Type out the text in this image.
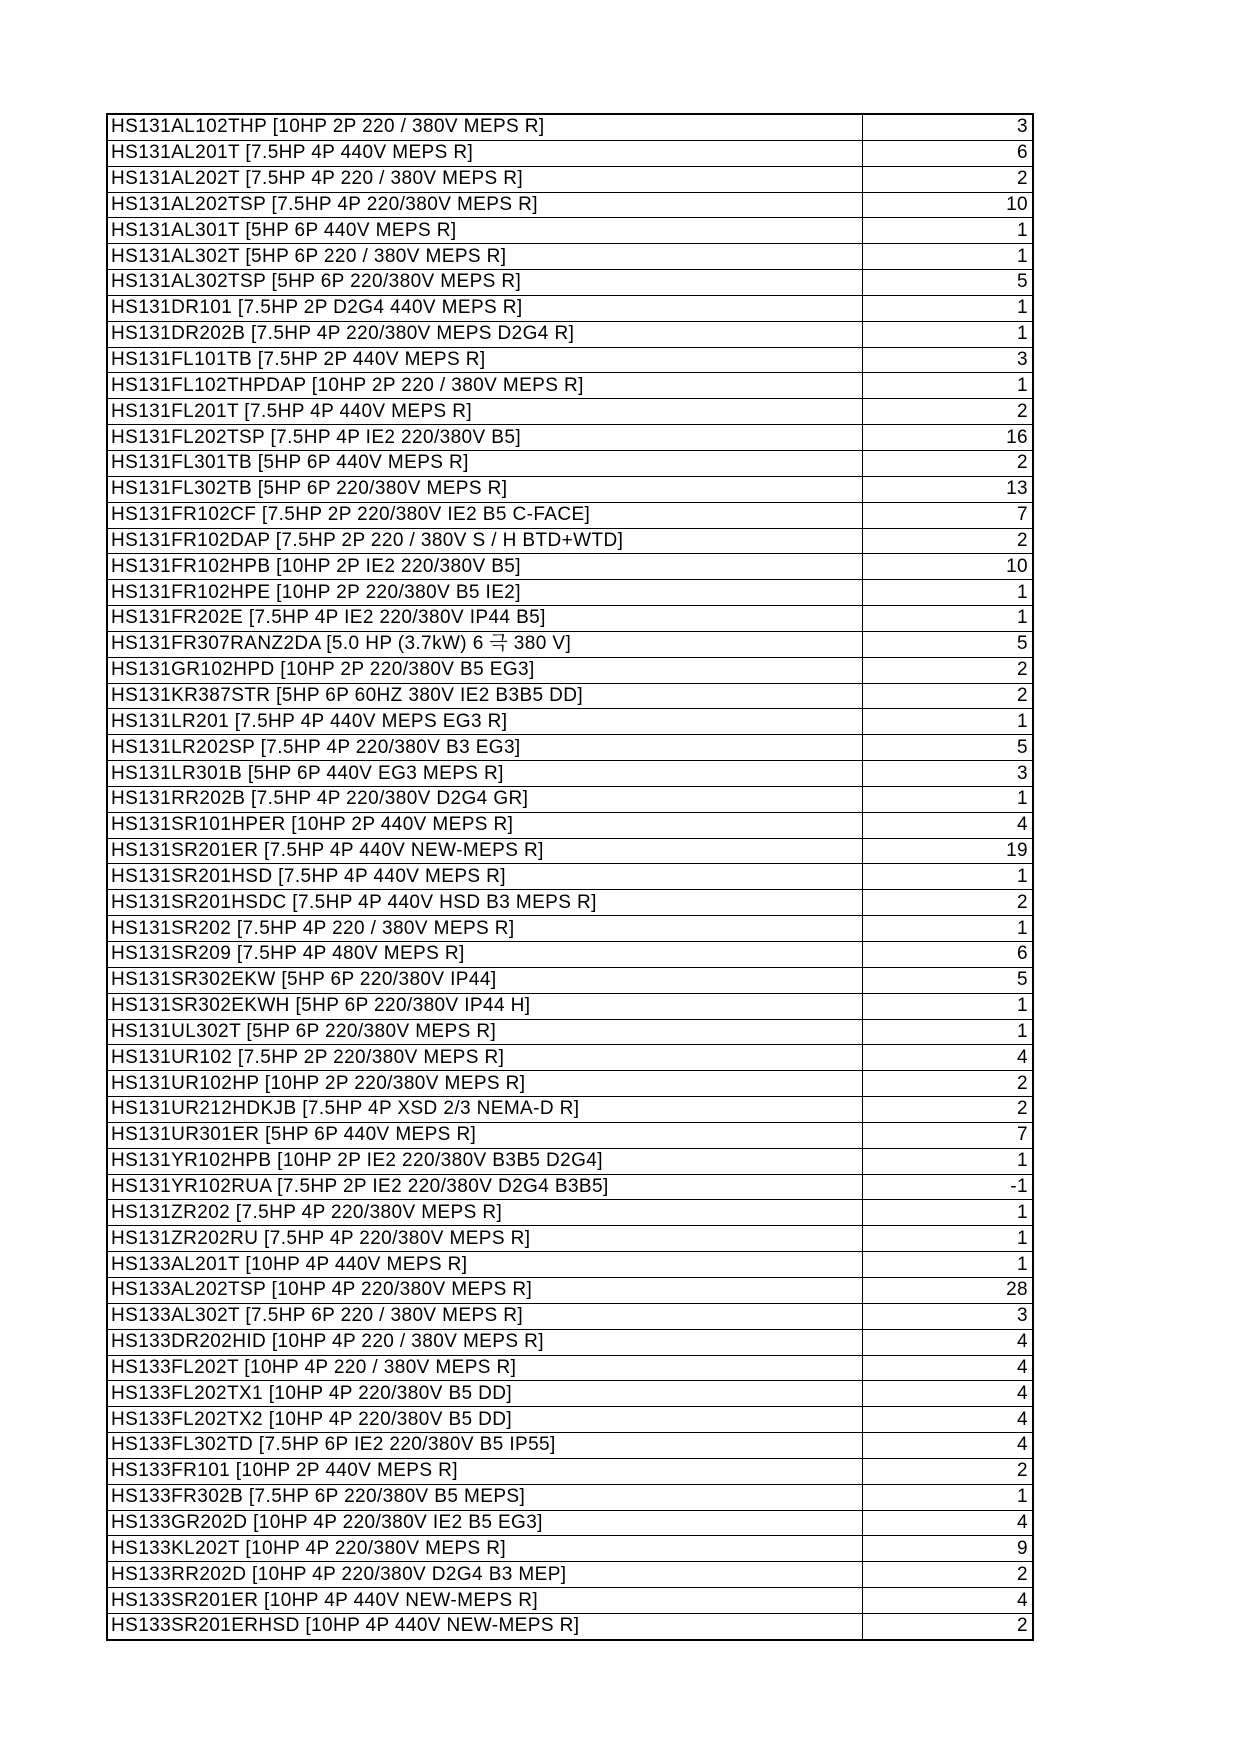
HS131AL102THP [10HP 2P 220 / 380V MEPS R]	3
HS131AL201T [7.5HP 4P 440V MEPS R]	6
HS131AL202T [7.5HP 4P 220 / 380V MEPS R]	2
HS131AL202TSP [7.5HP 4P 220/380V MEPS R]	10
HS131AL301T [5HP 6P 440V MEPS R]	1
HS131AL302T [5HP 6P 220 / 380V MEPS R]	1
HS131AL302TSP [5HP 6P 220/380V MEPS R]	5
HS131DR101 [7.5HP 2P D2G4 440V MEPS R]	1
HS131DR202B [7.5HP 4P 220/380V MEPS D2G4 R]	1
HS131FL101TB [7.5HP 2P 440V MEPS R]	3
HS131FL102THPDAP [10HP 2P 220 / 380V MEPS R]	1
HS131FL201T [7.5HP 4P 440V MEPS R]	2
HS131FL202TSP [7.5HP 4P IE2 220/380V B5]	16
HS131FL301TB [5HP 6P 440V MEPS R]	2
HS131FL302TB [5HP 6P 220/380V MEPS R]	13
HS131FR102CF [7.5HP 2P 220/380V IE2 B5 C-FACE]	7
HS131FR102DAP [7.5HP 2P 220 / 380V S / H BTD+WTD]	2
HS131FR102HPB [10HP 2P IE2 220/380V B5]	10
HS131FR102HPE [10HP 2P 220/380V B5 IE2]	1
HS131FR202E [7.5HP 4P IE2 220/380V IP44 B5]	1
HS131FR307RANZ2DA [5.0 HP (3.7kW) 6 극 380 V]	5
HS131GR102HPD [10HP 2P 220/380V B5 EG3]	2
HS131KR387STR [5HP 6P 60HZ 380V IE2 B3B5 DD]	2
HS131LR201 [7.5HP 4P 440V MEPS EG3 R]	1
HS131LR202SP [7.5HP 4P 220/380V B3 EG3]	5
HS131LR301B [5HP 6P 440V EG3 MEPS R]	3
HS131RR202B [7.5HP 4P 220/380V D2G4 GR]	1
HS131SR101HPER [10HP 2P 440V MEPS R]	4
HS131SR201ER [7.5HP 4P 440V NEW-MEPS R]	19
HS131SR201HSD [7.5HP 4P 440V MEPS R]	1
HS131SR201HSDC [7.5HP 4P 440V HSD B3 MEPS R]	2
HS131SR202 [7.5HP 4P 220 / 380V MEPS R]	1
HS131SR209 [7.5HP 4P 480V MEPS R]	6
HS131SR302EKW [5HP 6P 220/380V IP44]	5
HS131SR302EKWH [5HP 6P 220/380V IP44 H]	1
HS131UL302T [5HP 6P 220/380V MEPS R]	1
HS131UR102 [7.5HP 2P 220/380V MEPS R]	4
HS131UR102HP [10HP 2P 220/380V MEPS R]	2
HS131UR212HDKJB [7.5HP 4P XSD 2/3 NEMA-D R]	2
HS131UR301ER [5HP 6P 440V MEPS R]	7
HS131YR102HPB [10HP 2P IE2 220/380V B3B5 D2G4]	1
HS131YR102RUA [7.5HP 2P IE2 220/380V D2G4 B3B5]	-1
HS131ZR202 [7.5HP 4P 220/380V MEPS R]	1
HS131ZR202RU [7.5HP 4P 220/380V MEPS R]	1
HS133AL201T [10HP 4P 440V MEPS R]	1
HS133AL202TSP [10HP 4P 220/380V MEPS R]	28
HS133AL302T [7.5HP 6P 220 / 380V MEPS R]	3
HS133DR202HID [10HP 4P 220 / 380V MEPS R]	4
HS133FL202T [10HP 4P 220 / 380V MEPS R]	4
HS133FL202TX1 [10HP 4P 220/380V B5 DD]	4
HS133FL202TX2 [10HP 4P 220/380V B5 DD]	4
HS133FL302TD [7.5HP 6P IE2 220/380V B5 IP55]	4
HS133FR101 [10HP 2P 440V MEPS R]	2
HS133FR302B [7.5HP 6P 220/380V B5 MEPS]	1
HS133GR202D [10HP 4P 220/380V IE2 B5 EG3]	4
HS133KL202T [10HP 4P 220/380V MEPS R]	9
HS133RR202D [10HP 4P 220/380V D2G4 B3 MEP]	2
HS133SR201ER [10HP 4P 440V NEW-MEPS R]	4
HS133SR201ERHSD [10HP 4P 440V NEW-MEPS R]	2
